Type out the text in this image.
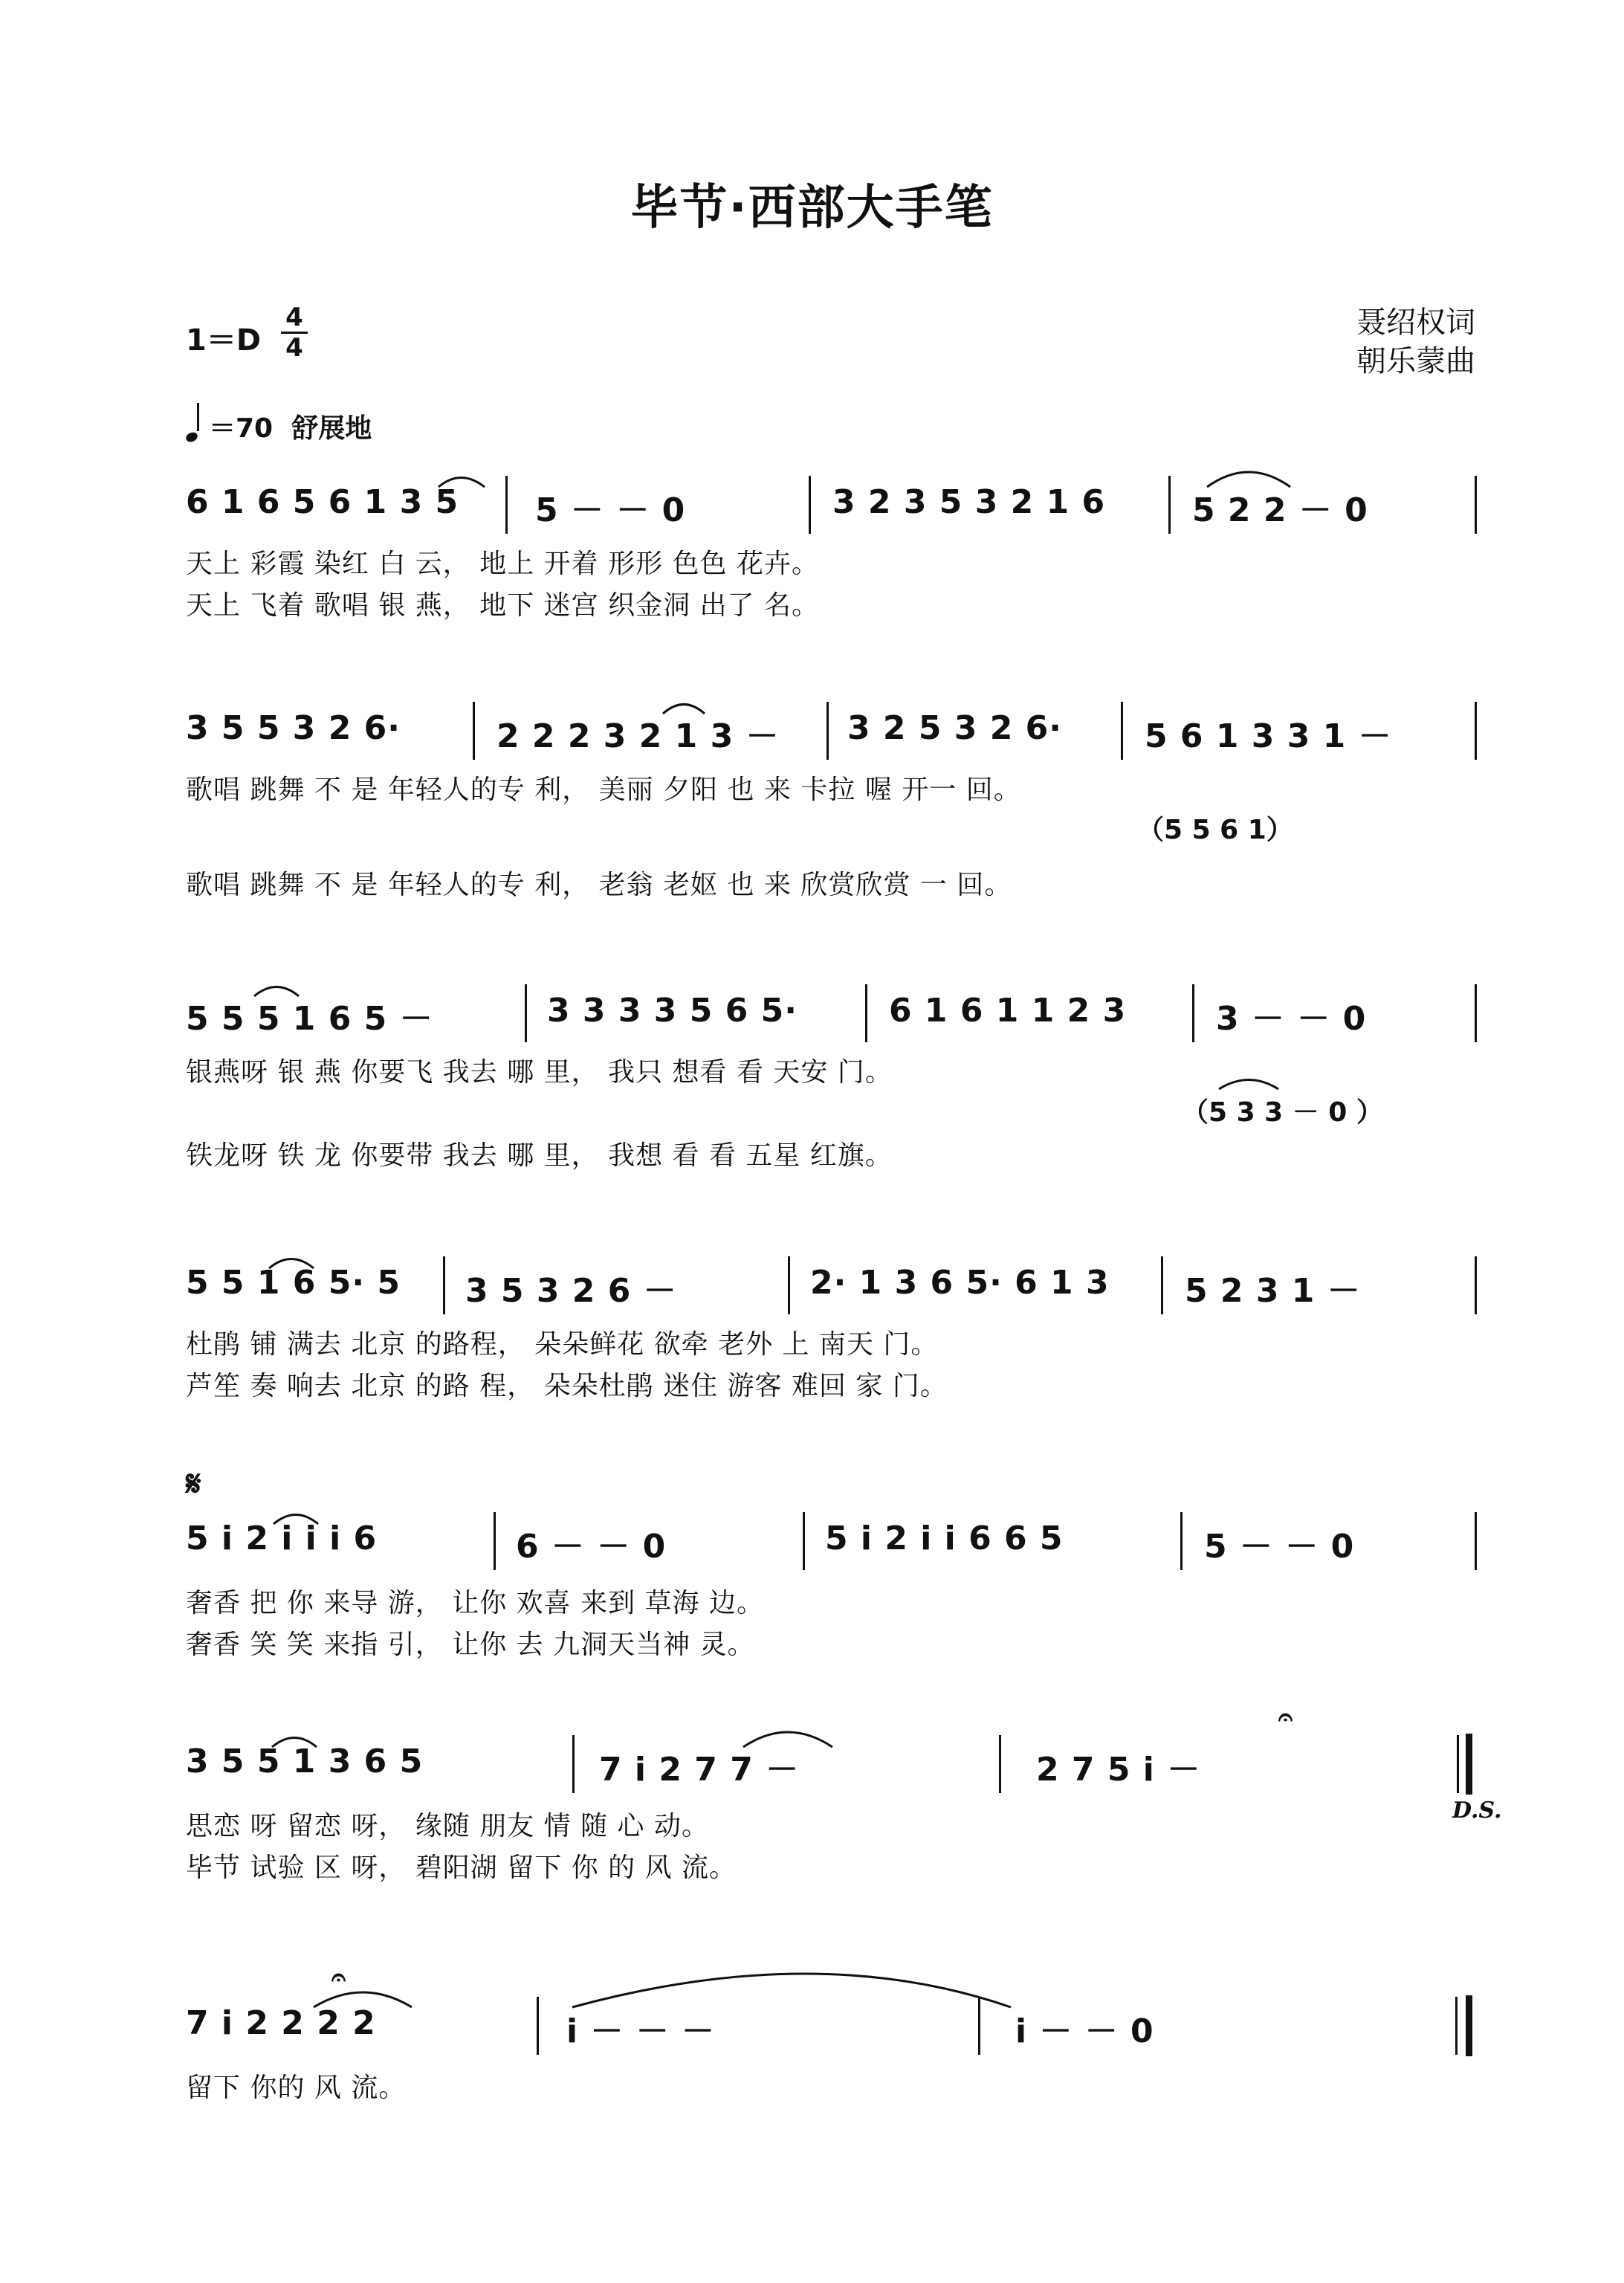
毕节·西部大手笔
1＝D
4
4
聂绍权词
朝乐蒙曲
＝70 舒展地
6 1 6 5 6 1 3 5 5 － － 0	3 2 3 5 3 2 1 6	5 2 2 － 0
天上 彩霞 染红 白 云， 地上 开着 形形 色色 花卉。
天上 飞着 歌唱 银 燕， 地下 迷宫 织金洞 出了 名。
3 5 5 3 2 6·	2 2 2 3 2 1 3 － 3 2 5 3 2 6·	5 6 1 3 3 1 －
歌唱 跳舞 不 是 年轻人的专 利， 美丽 夕阳 也 来 卡拉 喔 开一 回。
（5 5 6 1）
歌唱 跳舞 不 是 年轻人的专 利， 老翁 老妪 也 来 欣赏欣赏 一 回。
5 5 5 1 6 5 －	3 3 3 3 5 6 5·	6 1 6 1 1 2 3	3 － － 0
银燕呀 银 燕 你要飞 我去 哪 里， 我只 想看 看 天安 门。
（5 3 3 － 0 ）
铁龙呀 铁 龙 你要带 我去 哪 里， 我想 看 看 五星 红旗。
5 5 1 6 5· 5 3 5 3 2 6 －	2· 1 3 6 5· 6 1 3 5 2 3 1 －
杜鹃 铺 满去 北京 的路程， 朵朵鲜花 欲牵 老外 上 南天 门。
芦笙 奏 响去 北京 的路 程， 朵朵杜鹃 迷住 游客 难回 家 门。
𝄋
5 i 2 i i i 6	6 － － 0	5 i 2 i i 6 6 5	5 － － 0
奢香 把 你 来导 游， 让你 欢喜 来到 草海 边。
奢香 笑 笑 来指 引， 让你 去 九洞天当神 灵。
3 5 5 1 3 6 5	7 i 2 7 7 －	2 7 5 i －
𝄐
D.S.
思恋 呀 留恋 呀， 缘随 朋友 情 随 心 动。
毕节 试验 区 呀， 碧阳湖 留下 你 的 风 流。
7 i 2 2 2 2
𝄐
i － － －	i － － 0
留下 你的 风 流。
